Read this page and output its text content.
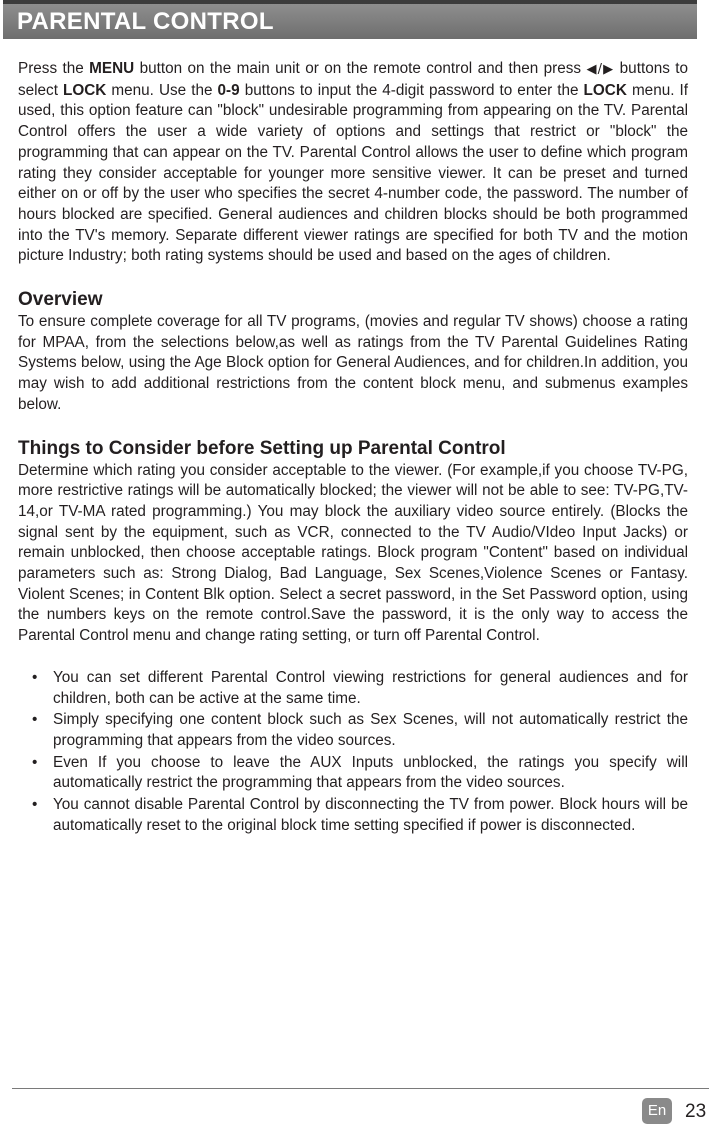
PARENTAL CONTROL

Press the MENU button on the main unit or on the remote control and then press ◀/▶ buttons to select LOCK menu. Use the 0-9 buttons to input the 4-digit password to enter the LOCK menu. If used, this option feature can "block" undesirable programming from appearing on the TV. Parental Control offers the user a wide variety of options and settings that restrict or "block" the programming that can appear on the TV. Parental Control allows the user to define which program rating they consider acceptable for younger more sensitive viewer. It can be preset and turned either on or off by the user who specifies the secret 4-number code, the password. The number of hours blocked are specified. General audiences and children blocks should be both programmed into the TV's memory. Separate different viewer ratings are specified for both TV and the motion picture Industry; both rating systems should be used and based on the ages of children.

Overview

To ensure complete coverage for all TV programs, (movies and regular TV shows) choose a rating for MPAA, from the selections below,as well as ratings from the TV Parental Guidelines Rating Systems below, using the Age Block option for General Audiences, and for children.In addition, you may wish to add additional restrictions from the content block menu, and submenus examples below.

Things to Consider before Setting up Parental Control

Determine which rating you consider acceptable to the viewer. (For example,if you choose TV-PG, more restrictive ratings will be automatically blocked; the viewer will not be able to see: TV-PG,TV-14,or TV-MA rated programming.) You may block the auxiliary video source entirely. (Blocks the signal sent by the equipment, such as VCR, connected to the TV Audio/VIdeo Input Jacks) or remain unblocked, then choose acceptable ratings. Block program "Content" based on individual parameters such as: Strong Dialog, Bad Language, Sex Scenes,Violence Scenes or Fantasy. Violent Scenes; in Content Blk option. Select a secret password, in the Set Password option, using the numbers keys on the remote control.Save the password, it is the only way to access the Parental Control menu and change rating setting, or turn off Parental Control.

• You can set different Parental Control viewing restrictions for general audiences and for children, both can be active at the same time.
• Simply specifying one content block such as Sex Scenes, will not automatically restrict the programming that appears from the video sources.
• Even If you choose to leave the AUX Inputs unblocked, the ratings you specify will automatically restrict the programming that appears from the video sources.
• You cannot disable Parental Control by disconnecting the TV from power. Block hours will be automatically reset to the original block time setting specified if power is disconnected.
En 23
